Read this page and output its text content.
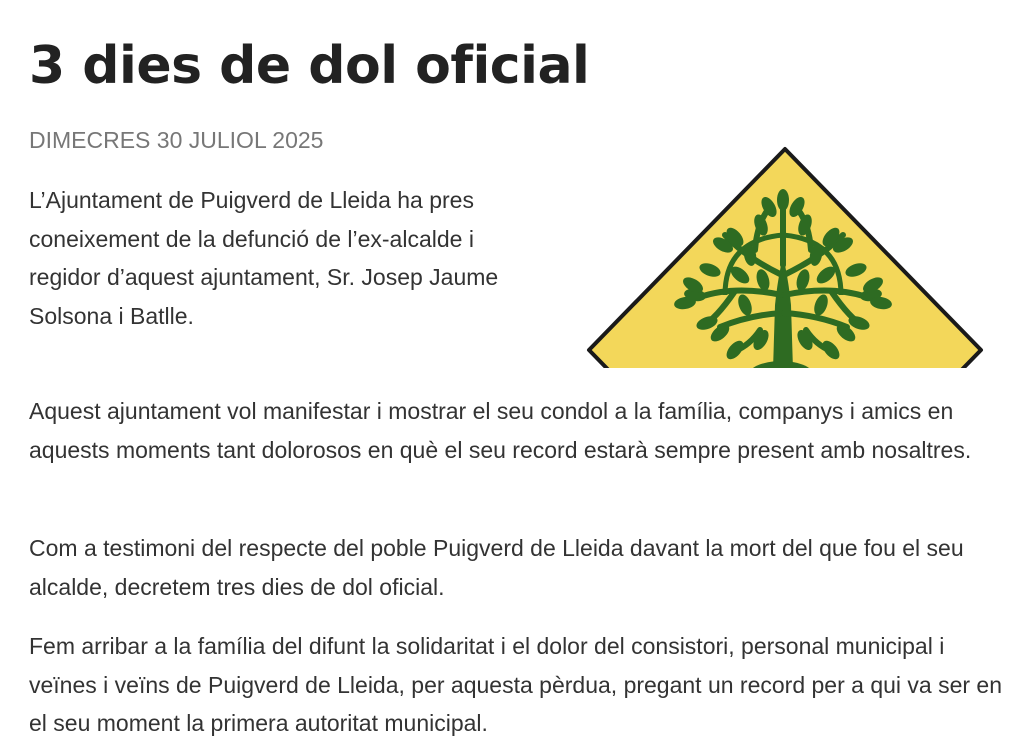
3 dies de dol oficial
DIMECRES 30 JULIOL 2025

L’Ajuntament de Puigverd de Lleida ha pres coneixement de la defunció de l’ex-alcalde i regidor d’aquest ajuntament, Sr. Josep Jaume Solsona i Batlle.

Aquest ajuntament vol manifestar i mostrar el seu condol a la família, companys i amics en aquests moments tant dolorosos en què el seu record estarà sempre present amb nosaltres.

Com a testimoni del respecte del poble Puigverd de Lleida davant la mort del que fou el seu alcalde, decretem tres dies de dol oficial.

Fem arribar a la família del difunt la solidaritat i el dolor del consistori, personal municipal i veïnes i veïns de Puigverd de Lleida, per aquesta pèrdua, pregant un record per a qui va ser en el seu moment la primera autoritat municipal.
